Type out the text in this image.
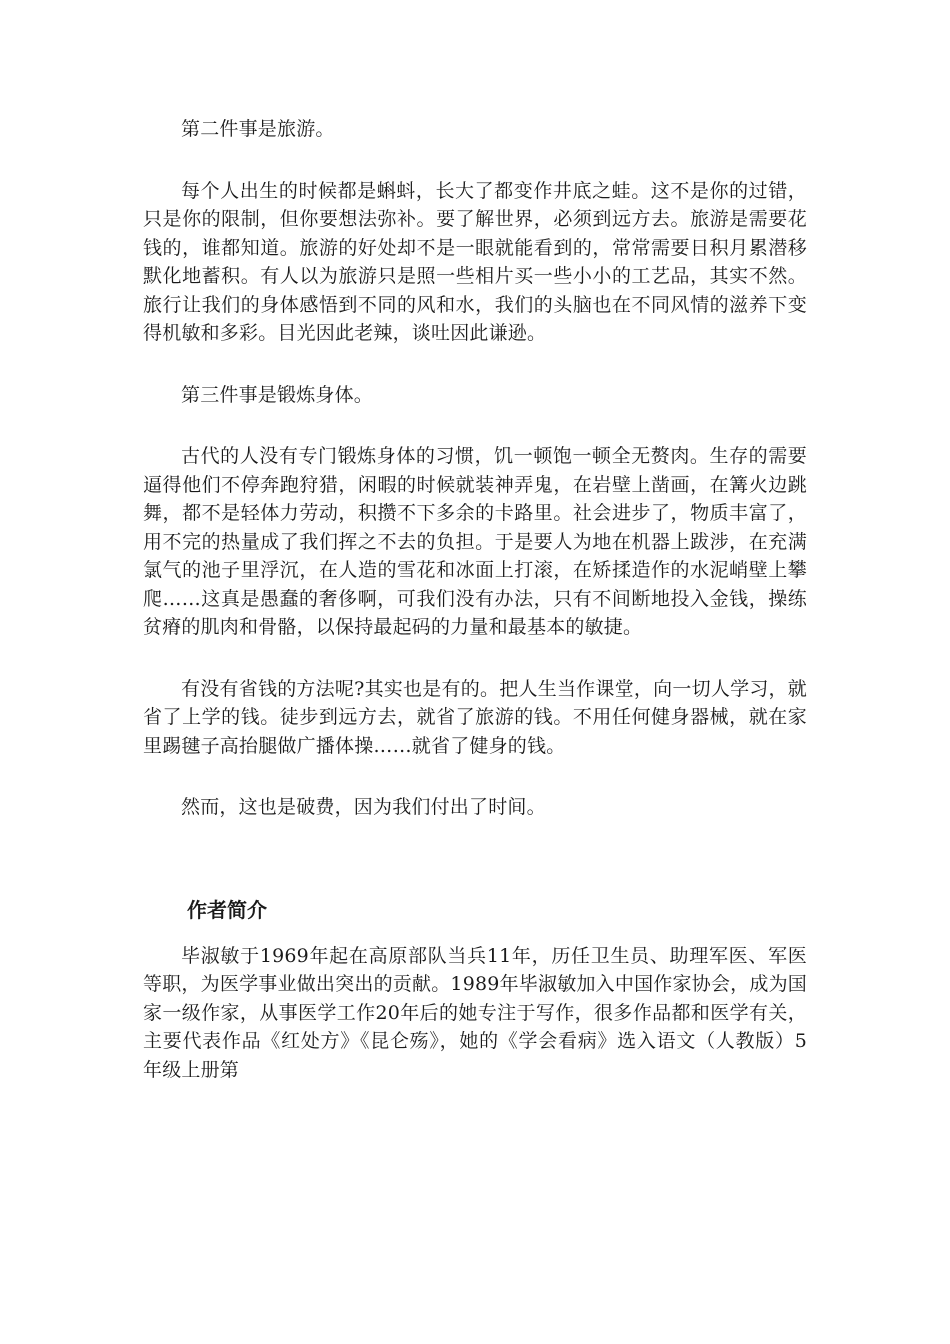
第二件事是旅游。

每个人出生的时候都是蝌蚪，长大了都变作井底之蛙。这不是你的过错，只是你的限制，但你要想法弥补。要了解世界，必须到远方去。旅游是需要花钱的，谁都知道。旅游的好处却不是一眼就能看到的，常常需要日积月累潜移默化地蓄积。有人以为旅游只是照一些相片买一些小小的工艺品，其实不然。旅行让我们的身体感悟到不同的风和水，我们的头脑也在不同风情的滋养下变得机敏和多彩。目光因此老辣，谈吐因此谦逊。

第三件事是锻炼身体。

古代的人没有专门锻炼身体的习惯，饥一顿饱一顿全无赘肉。生存的需要逼得他们不停奔跑狩猎，闲暇的时候就装神弄鬼，在岩壁上凿画，在篝火边跳舞，都不是轻体力劳动，积攒不下多余的卡路里。社会进步了，物质丰富了，用不完的热量成了我们挥之不去的负担。于是要人为地在机器上跋涉，在充满氯气的池子里浮沉，在人造的雪花和冰面上打滚，在矫揉造作的水泥峭壁上攀爬……这真是愚蠢的奢侈啊，可我们没有办法，只有不间断地投入金钱，操练贫瘠的肌肉和骨骼，以保持最起码的力量和最基本的敏捷。

有没有省钱的方法呢?其实也是有的。把人生当作课堂，向一切人学习，就省了上学的钱。徒步到远方去，就省了旅游的钱。不用任何健身器械，就在家里踢毽子高抬腿做广播体操……就省了健身的钱。

然而，这也是破费，因为我们付出了时间。

作者简介

毕淑敏于1969年起在高原部队当兵11年，历任卫生员、助理军医、军医等职，为医学事业做出突出的贡献。1989年毕淑敏加入中国作家协会，成为国家一级作家，从事医学工作20年后的她专注于写作，很多作品都和医学有关，主要代表作品《红处方》《昆仑殇》，她的《学会看病》选入语文（人教版）5年级上册第
